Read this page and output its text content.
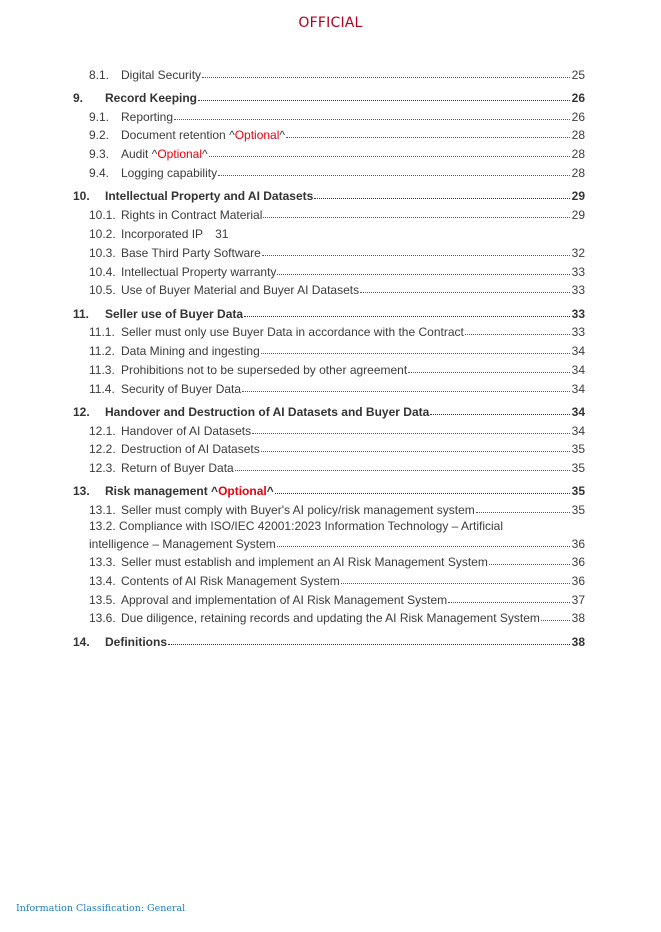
OFFICIAL
8.1. Digital Security	25
9.	Record Keeping	26
9.1. Reporting	26
9.2. Document retention ^Optional^	28
9.3. Audit ^Optional^	28
9.4. Logging capability	28
10.	Intellectual Property and AI Datasets	29
10.1. Rights in Contract Material	29
10.2. Incorporated IP 31
10.3. Base Third Party Software	32
10.4. Intellectual Property warranty	33
10.5. Use of Buyer Material and Buyer AI Datasets	33
11.	Seller use of Buyer Data	33
11.1. Seller must only use Buyer Data in accordance with the Contract	33
11.2. Data Mining and ingesting	34
11.3. Prohibitions not to be superseded by other agreement	34
11.4. Security of Buyer Data	34
12.	Handover and Destruction of AI Datasets and Buyer Data	34
12.1. Handover of AI Datasets	34
12.2. Destruction of AI Datasets	35
12.3. Return of Buyer Data	35
13.	Risk management ^Optional^	35
13.1. Seller must comply with Buyer's AI policy/risk management system	35
13.2. Compliance with ISO/IEC 42001:2023 Information Technology – Artificial
intelligence – Management System	36
13.3. Seller must establish and implement an AI Risk Management System	36
13.4. Contents of AI Risk Management System	36
13.5. Approval and implementation of AI Risk Management System	37
13.6. Due diligence, retaining records and updating the AI Risk Management System	38
14.	Definitions	38
Information Classification: General
